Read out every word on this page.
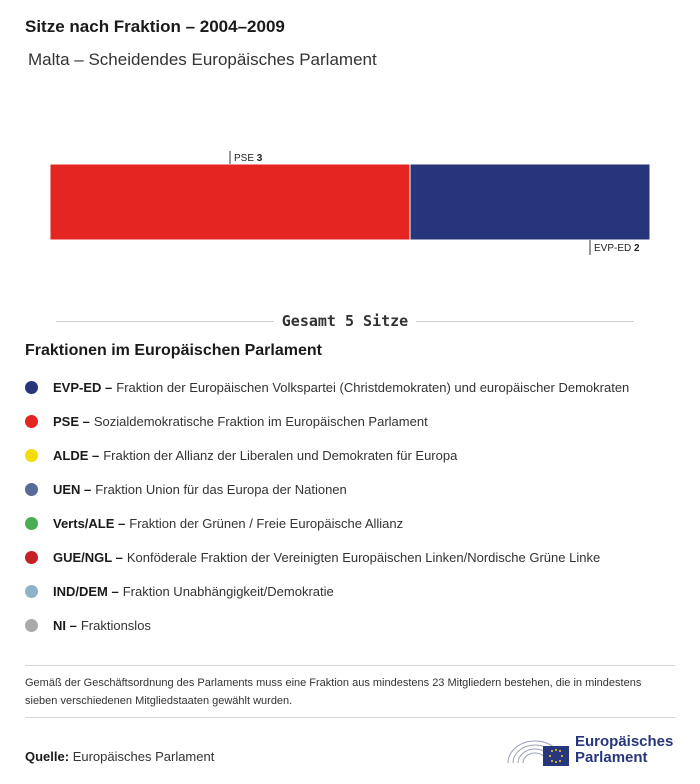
Sitze nach Fraktion – 2004–2009
Malta – Scheidendes Europäisches Parlament
PSE 3
EVP-ED 2
Gesamt 5 Sitze
Fraktionen im Europäischen Parlament
EVP-ED – Fraktion der Europäischen Volkspartei (Christdemokraten) und europäischer Demokraten
PSE – Sozialdemokratische Fraktion im Europäischen Parlament
ALDE – Fraktion der Allianz der Liberalen und Demokraten für Europa
UEN – Fraktion Union für das Europa der Nationen
Verts/ALE – Fraktion der Grünen / Freie Europäische Allianz
GUE/NGL – Konföderale Fraktion der Vereinigten Europäischen Linken/Nordische Grüne Linke
IND/DEM – Fraktion Unabhängigkeit/Demokratie
NI – Fraktionslos
Gemäß der Geschäftsordnung des Parlaments muss eine Fraktion aus mindestens 23 Mitgliedern bestehen, die in mindestens sieben verschiedenen Mitgliedstaaten gewählt wurden.
Quelle: Europäisches Parlament
Europäisches
Parlament
